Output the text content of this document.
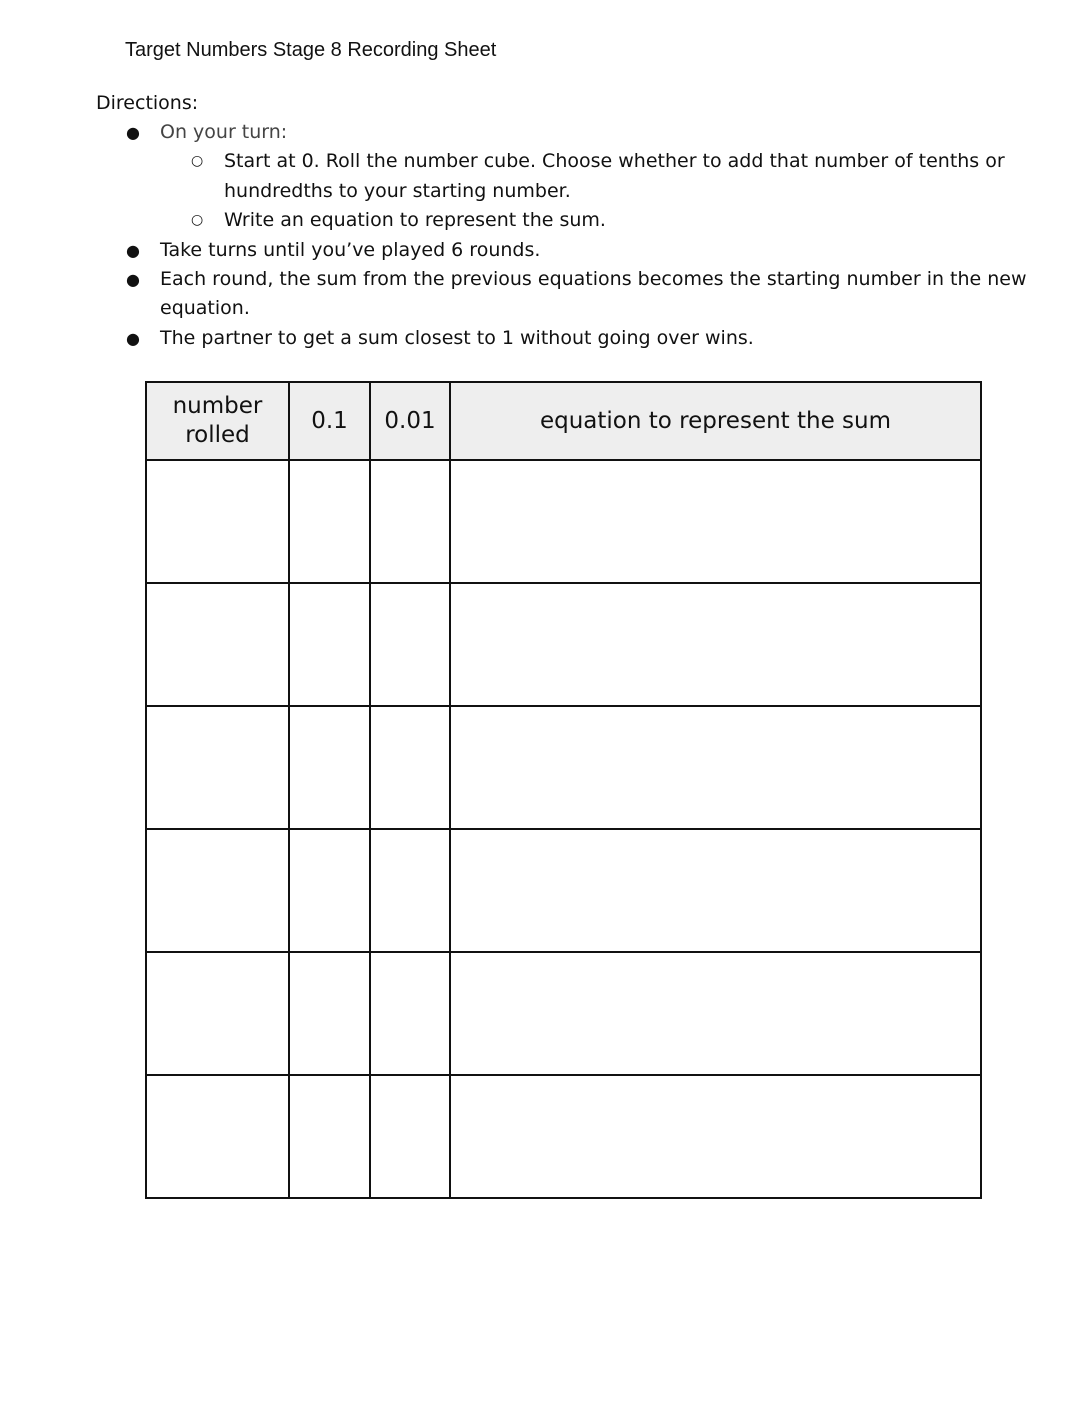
Target Numbers Stage 8 Recording Sheet
Directions:
● On your turn:
○ Start at 0. Roll the number cube. Choose whether to add that number of tenths or hundredths to your starting number.
○ Write an equation to represent the sum.
● Take turns until you’ve played 6 rounds.
● Each round, the sum from the previous equations becomes the starting number in the new equation.
● The partner to get a sum closest to 1 without going over wins.
number rolled	0.1	0.01	equation to represent the sum
